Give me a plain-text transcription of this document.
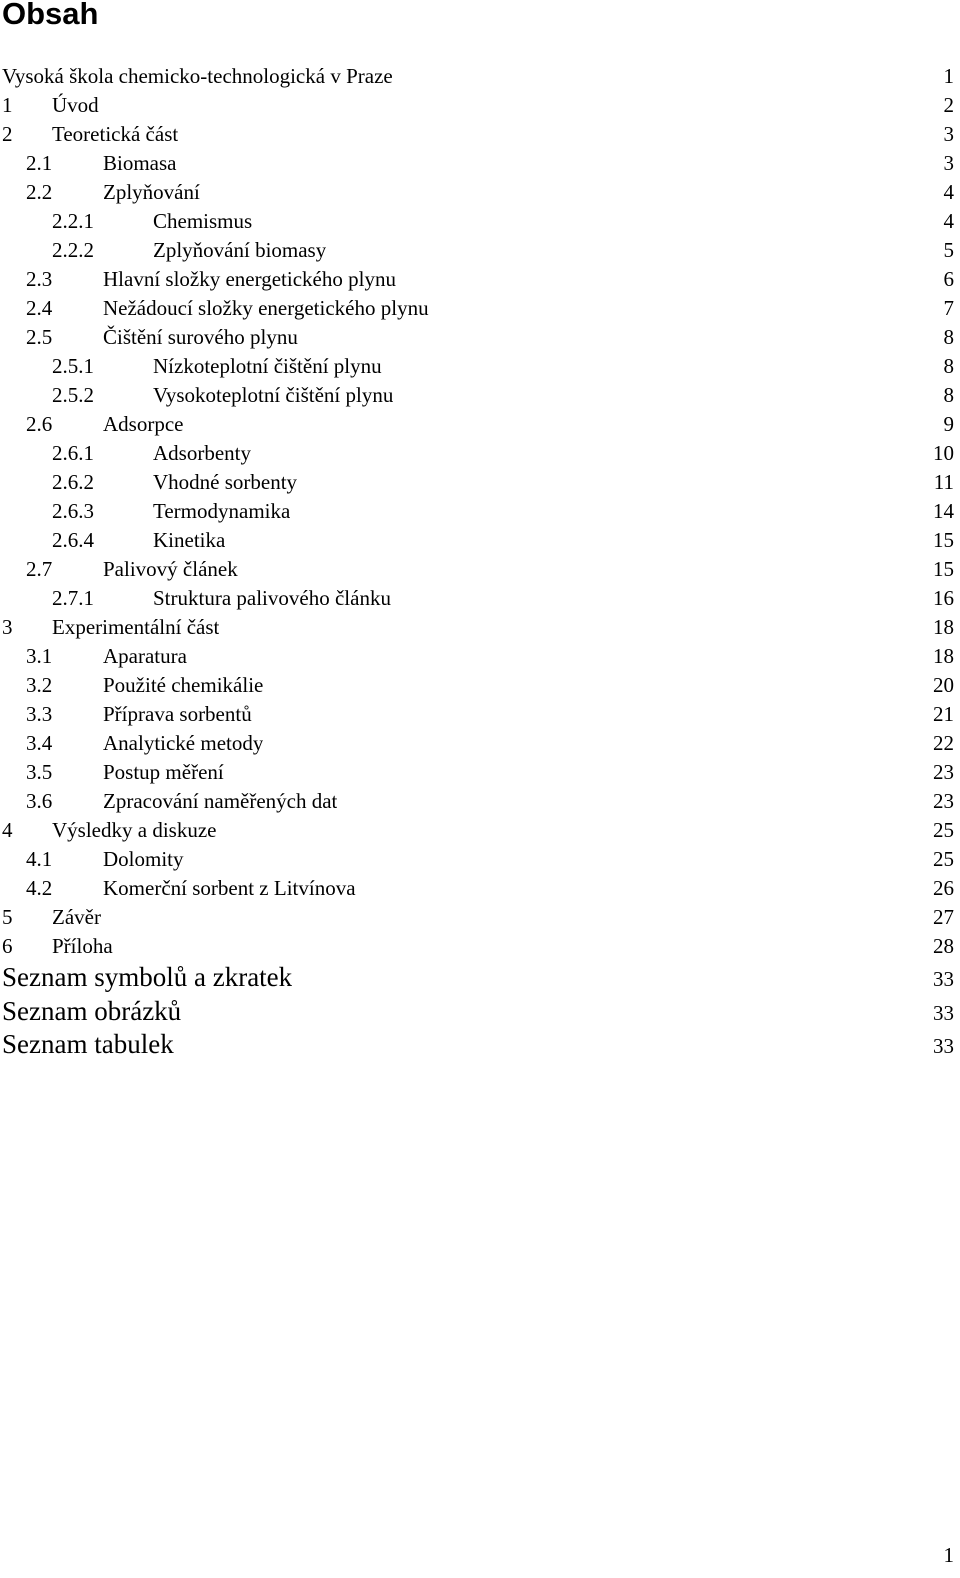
Obsah
Vysoká škola chemicko-technologická v Praze	1
1	Úvod	2
2	Teoretická část	3
2.1	Biomasa	3
2.2	Zplyňování	4
2.2.1	Chemismus	4
2.2.2	Zplyňování biomasy	5
2.3	Hlavní složky energetického plynu	6
2.4	Nežádoucí složky energetického plynu	7
2.5	Čištění surového plynu	8
2.5.1	Nízkoteplotní čištění plynu	8
2.5.2	Vysokoteplotní čištění plynu	8
2.6	Adsorpce	9
2.6.1	Adsorbenty	10
2.6.2	Vhodné sorbenty	11
2.6.3	Termodynamika	14
2.6.4	Kinetika	15
2.7	Palivový článek	15
2.7.1	Struktura palivového článku	16
3	Experimentální část	18
3.1	Aparatura	18
3.2	Použité chemikálie	20
3.3	Příprava sorbentů	21
3.4	Analytické metody	22
3.5	Postup měření	23
3.6	Zpracování naměřených dat	23
4	Výsledky a diskuze	25
4.1	Dolomity	25
4.2	Komerční sorbent z Litvínova	26
5	Závěr	27
6	Příloha	28
Seznam symbolů a zkratek	33
Seznam obrázků	33
Seznam tabulek	33
1
